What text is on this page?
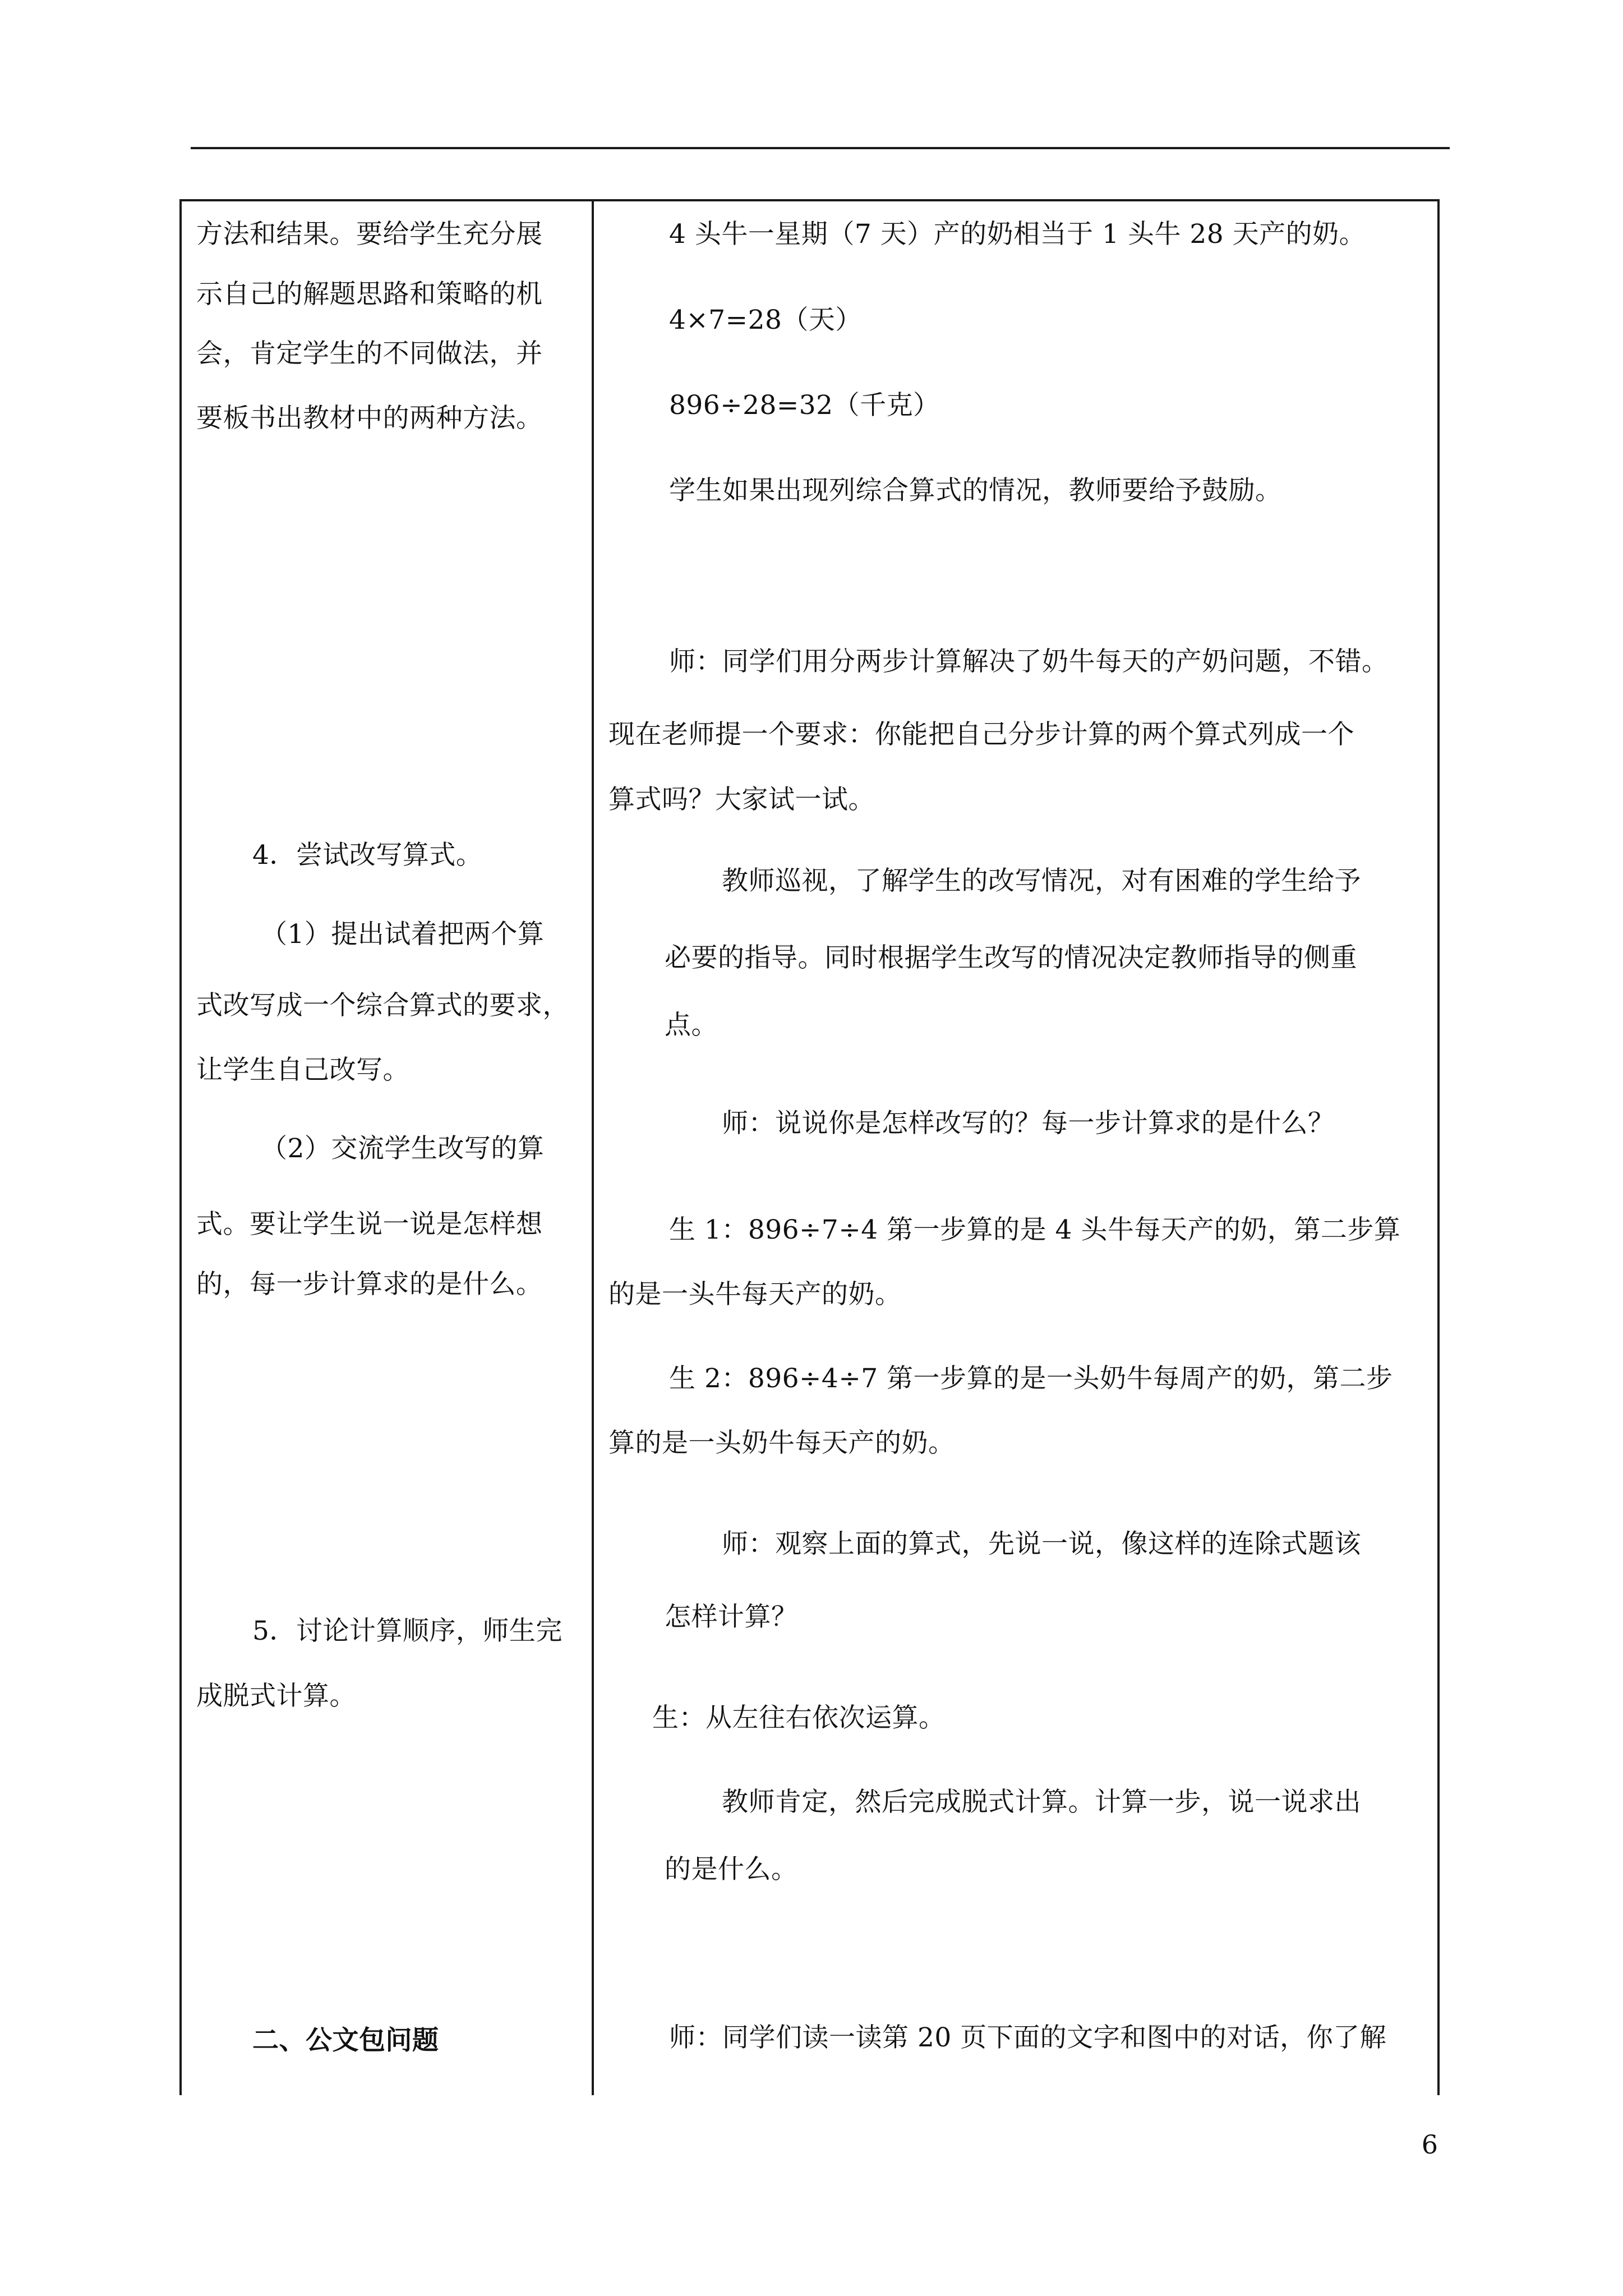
方法和结果。要给学生充分展
示自己的解题思路和策略的机
会，肯定学生的不同做法，并
要板书出教材中的两种方法。
4．尝试改写算式。
（1）提出试着把两个算
式改写成一个综合算式的要求，
让学生自己改写。
（2）交流学生改写的算
式。要让学生说一说是怎样想
的，每一步计算求的是什么。
5．讨论计算顺序，师生完
成脱式计算。
二、公文包问题
4 头牛一星期（7 天）产的奶相当于 1 头牛 28 天产的奶。
4×7=28（天）
896÷28=32（千克）
学生如果出现列综合算式的情况，教师要给予鼓励。
师：同学们用分两步计算解决了奶牛每天的产奶问题，不错。
现在老师提一个要求：你能把自己分步计算的两个算式列成一个
算式吗？大家试一试。
教师巡视，了解学生的改写情况，对有困难的学生给予
必要的指导。同时根据学生改写的情况决定教师指导的侧重
点。
师：说说你是怎样改写的？每一步计算求的是什么？
生 1：896÷7÷4 第一步算的是 4 头牛每天产的奶，第二步算
的是一头牛每天产的奶。
生 2：896÷4÷7 第一步算的是一头奶牛每周产的奶，第二步
算的是一头奶牛每天产的奶。
师：观察上面的算式，先说一说，像这样的连除式题该
怎样计算？
生：从左往右依次运算。
教师肯定，然后完成脱式计算。计算一步，说一说求出
的是什么。
师：同学们读一读第 20 页下面的文字和图中的对话，你了解
6
